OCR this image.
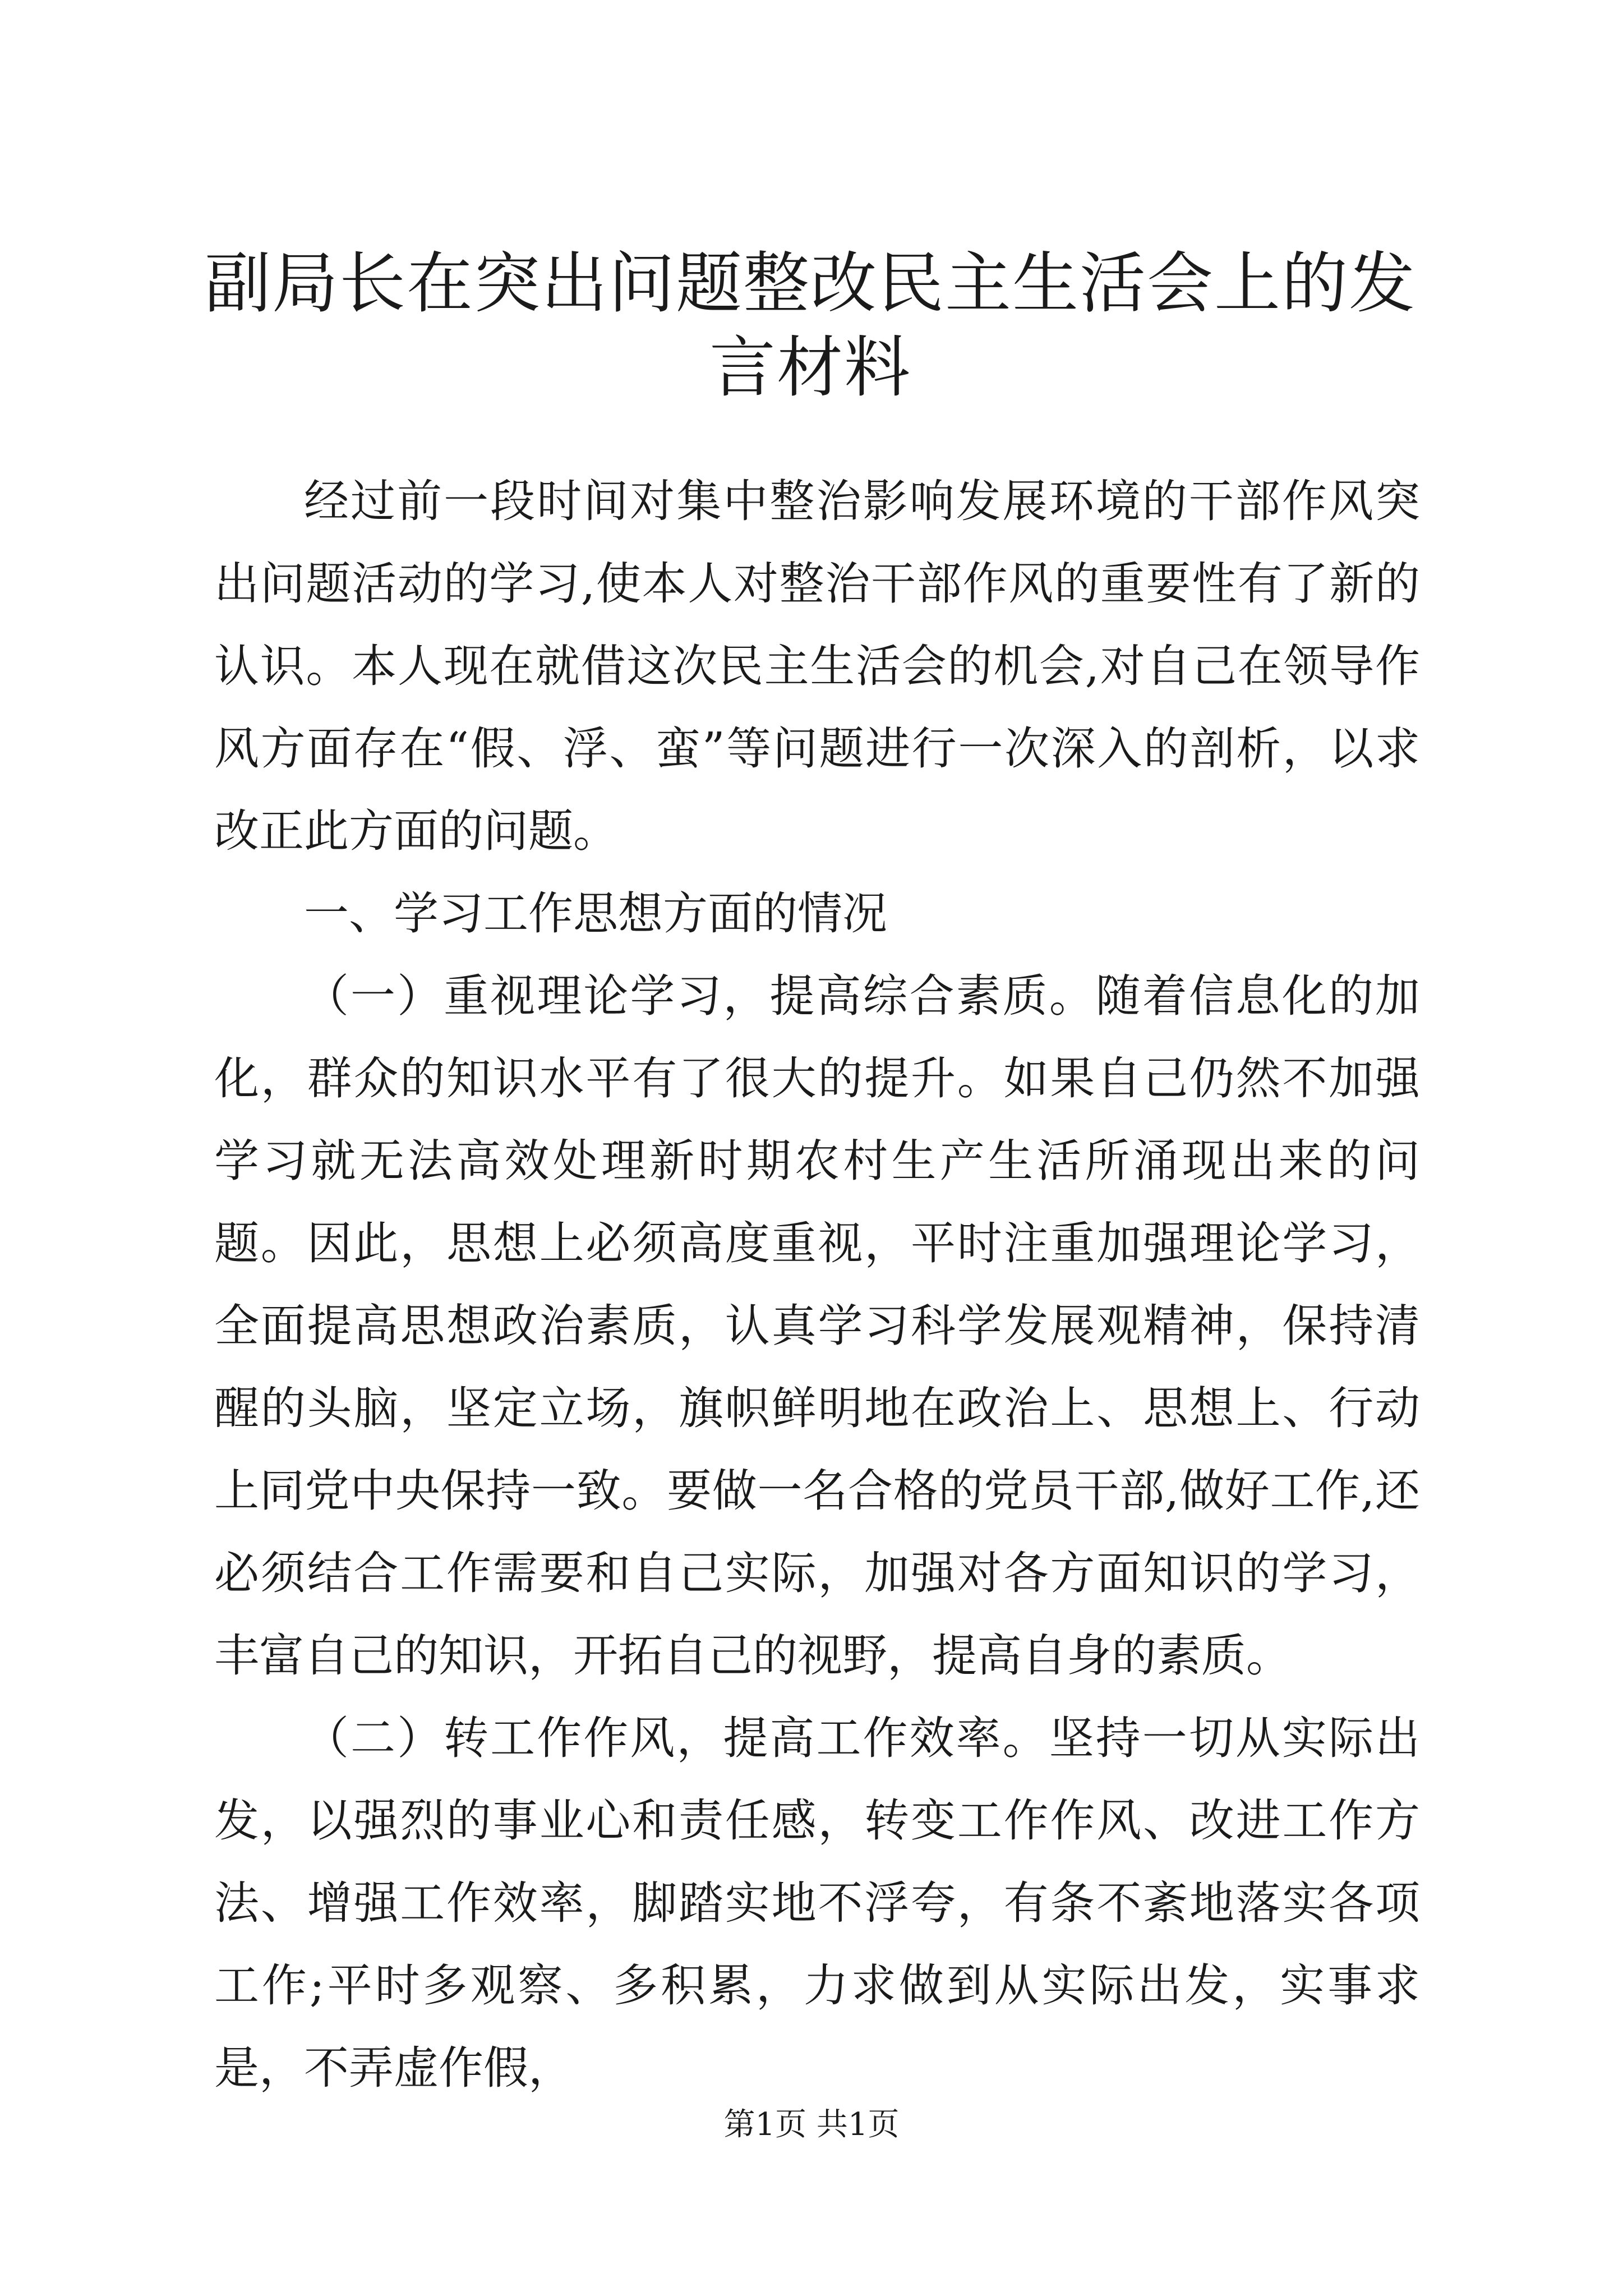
副局长在突出问题整改民主生活会上的发言材料

经过前一段时间对集中整治影响发展环境的干部作风突出问题活动的学习,使本人对整治干部作风的重要性有了新的认识。本人现在就借这次民主生活会的机会,对自己在领导作风方面存在“假、浮、蛮”等问题进行一次深入的剖析，以求改正此方面的问题。

一、学习工作思想方面的情况

（一）重视理论学习，提高综合素质。随着信息化的加化，群众的知识水平有了很大的提升。如果自己仍然不加强学习就无法高效处理新时期农村生产生活所涌现出来的问题。因此，思想上必须高度重视，平时注重加强理论学习，全面提高思想政治素质，认真学习科学发展观精神，保持清醒的头脑，坚定立场，旗帜鲜明地在政治上、思想上、行动上同党中央保持一致。要做一名合格的党员干部,做好工作,还必须结合工作需要和自己实际，加强对各方面知识的学习，丰富自己的知识，开拓自己的视野，提高自身的素质。

（二）转工作作风，提高工作效率。坚持一切从实际出发，以强烈的事业心和责任感，转变工作作风、改进工作方法、增强工作效率，脚踏实地不浮夸，有条不紊地落实各项工作;平时多观察、多积累，力求做到从实际出发，实事求是，不弄虚作假，

第1页 共1页
